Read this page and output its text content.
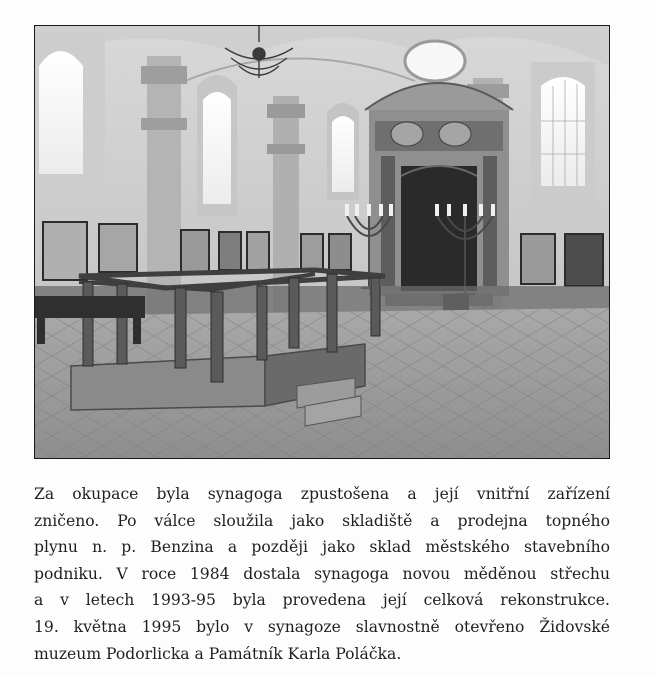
Za okupace byla synagoga zpustošena a její vnitřní zařízení
zničeno. Po válce sloužila jako skladiště a prodejna topného
plynu n. p. Benzina a později jako sklad městského stavebního
podniku. V roce 1984 dostala synagoga novou měděnou střechu
a v letech 1993-95 byla provedena její celková rekonstrukce.
19. května 1995 bylo v synagoze slavnostně otevřeno Židovské
muzeum Podorlicka a Památník Karla Poláčka.
